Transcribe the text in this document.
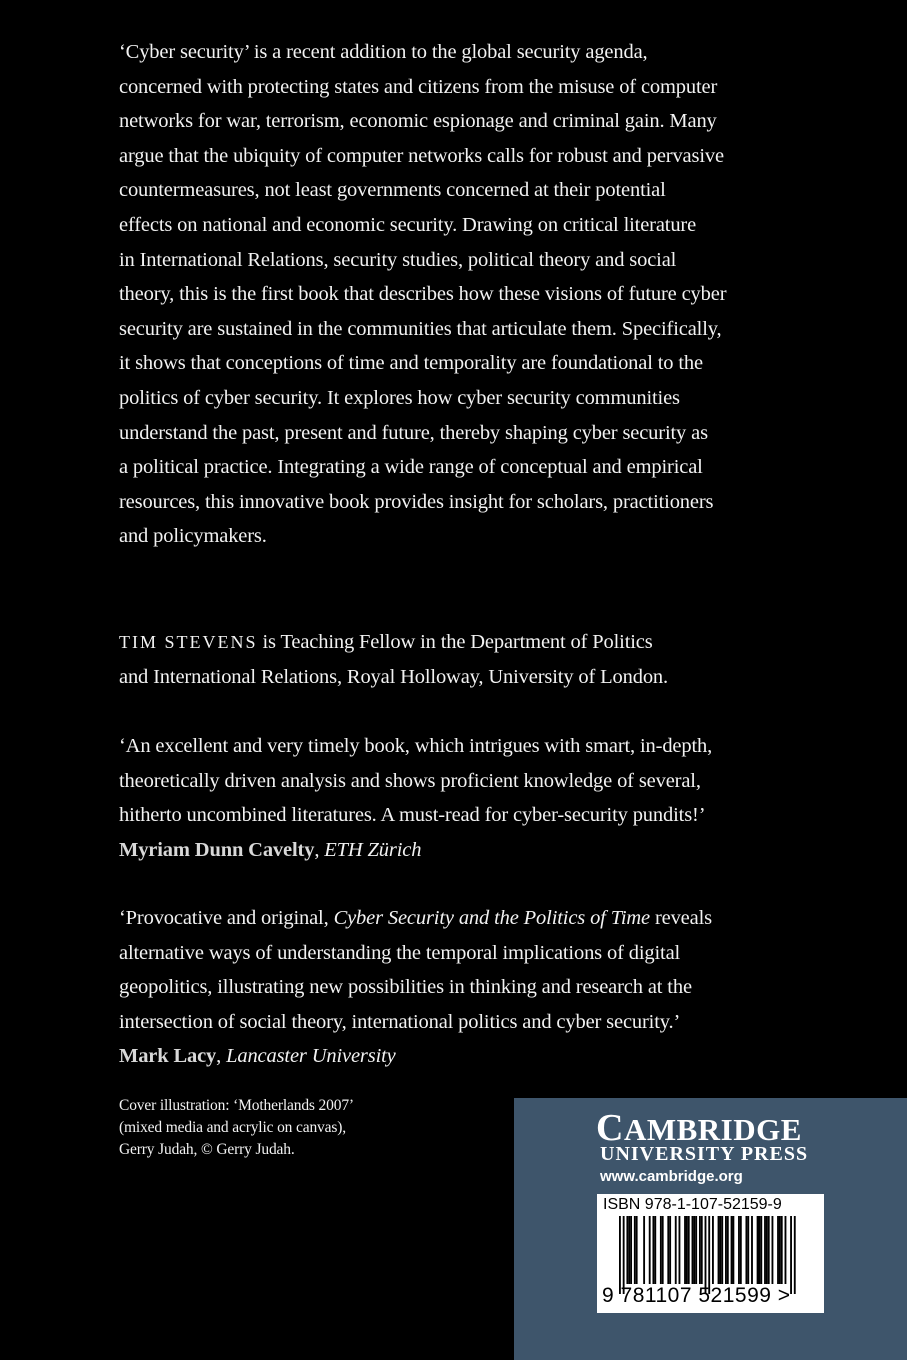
‘Cyber security’ is a recent addition to the global security agenda,
concerned with protecting states and citizens from the misuse of computer
networks for war, terrorism, economic espionage and criminal gain. Many
argue that the ubiquity of computer networks calls for robust and pervasive
countermeasures, not least governments concerned at their potential
effects on national and economic security. Drawing on critical literature
in International Relations, security studies, political theory and social
theory, this is the first book that describes how these visions of future cyber
security are sustained in the communities that articulate them. Specifically,
it shows that conceptions of time and temporality are foundational to the
politics of cyber security. It explores how cyber security communities
understand the past, present and future, thereby shaping cyber security as
a political practice. Integrating a wide range of conceptual and empirical
resources, this innovative book provides insight for scholars, practitioners
and policymakers.
TIM STEVENS is Teaching Fellow in the Department of Politics
and International Relations, Royal Holloway, University of London.
‘An excellent and very timely book, which intrigues with smart, in-depth,
theoretically driven analysis and shows proficient knowledge of several,
hitherto uncombined literatures. A must-read for cyber-security pundits!’
Myriam Dunn Cavelty, ETH Zürich
‘Provocative and original, Cyber Security and the Politics of Time reveals
alternative ways of understanding the temporal implications of digital
geopolitics, illustrating new possibilities in thinking and research at the
intersection of social theory, international politics and cyber security.’
Mark Lacy, Lancaster University
Cover illustration: ‘Motherlands 2007’
(mixed media and acrylic on canvas),
Gerry Judah, © Gerry Judah.
CAMBRIDGE
UNIVERSITY PRESS
www.cambridge.org
ISBN 978-1-107-52159-9
9 781107 521599 >
